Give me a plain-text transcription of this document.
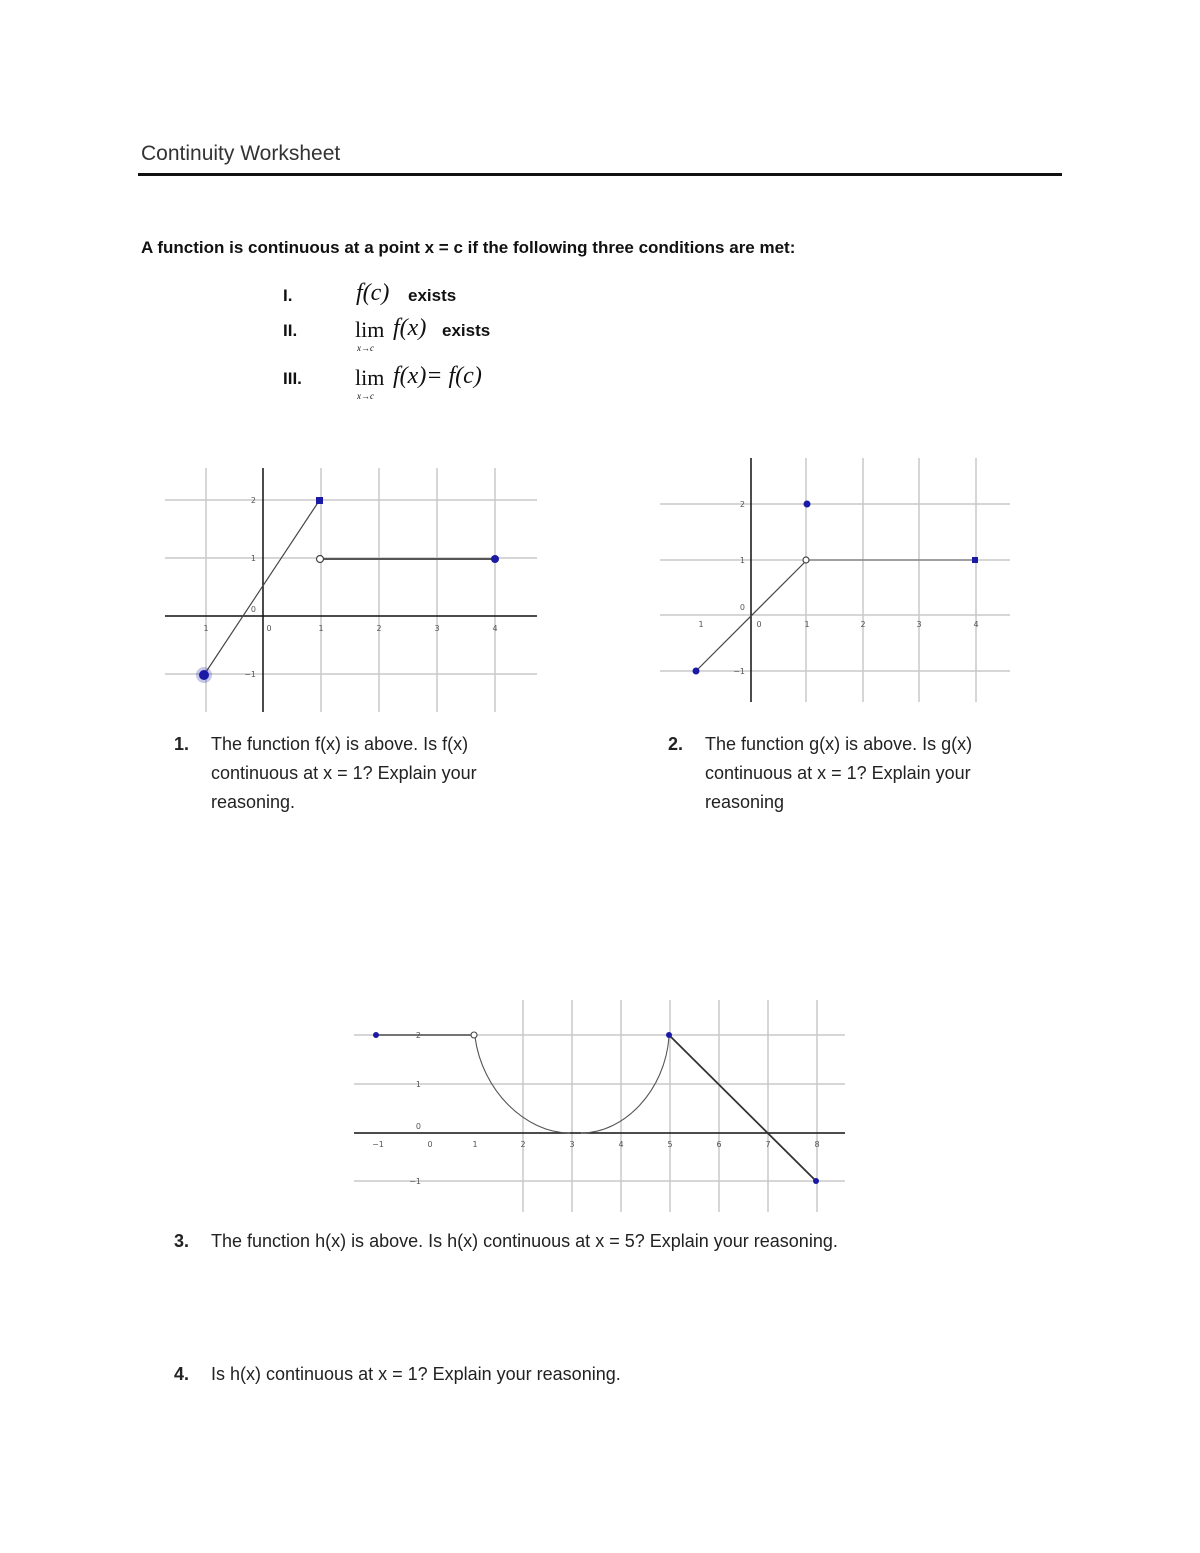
Continuity Worksheet
A function is continuous at a point x = c if the following three conditions are met:
I.	f(c) exists
II.	lim
x→c
f(x) exists
III. lim
x→c
f(x)= f(c)
1	0	1	2	3	4
2
1
0
−1
1	0	1	2	3	4
2
1
0
−1
−1	0	1	2	3	4	5	6	7	8
2
1
0
−1
1. The function f(x) is above. Is f(x)
continuous at x = 1? Explain your
reasoning.
2. The function g(x) is above. Is g(x)
continuous at x = 1? Explain your
reasoning
3. The function h(x) is above. Is h(x) continuous at x = 5? Explain your reasoning.
4. Is h(x) continuous at x = 1? Explain your reasoning.
